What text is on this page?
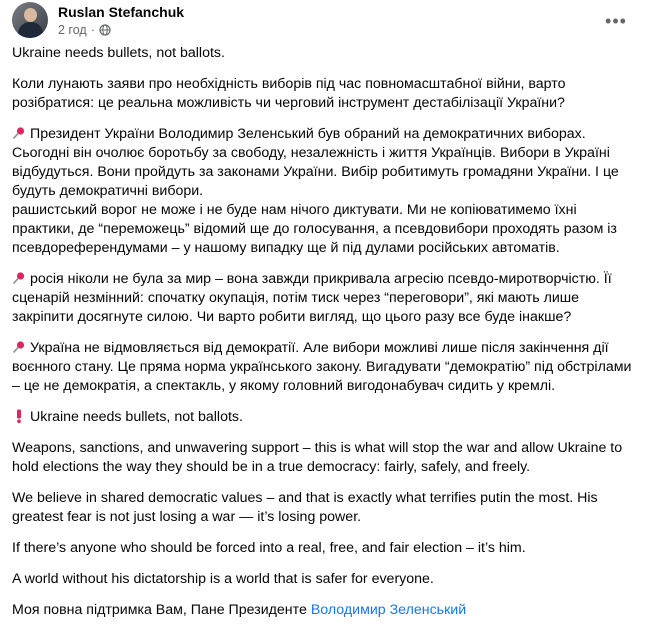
Ruslan Stefanchuk
2 год ·	•••

Ukraine needs bullets, not ballots.

Коли лунають заяви про необхідність виборів під час повномасштабної війни, варто розібратися: це реальна можливість чи черговий інструмент дестабілізації України?

Президент України Володимир Зеленський був обраний на демократичних виборах. Сьогодні він очолює боротьбу за свободу, незалежність і життя Українців. Вибори в Україні відбудуться. Вони пройдуть за законами України. Вибір робитимуть громадяни України. І це будуть демократичні вибори.
рашистський ворог не може і не буде нам нічого диктувати. Ми не копіюватимемо їхні практики, де “переможець” відомий ще до голосування, а псевдовибори проходять разом із псевдореферендумами – у нашому випадку ще й під дулами російських автоматів.

росія ніколи не була за мир – вона завжди прикривала агресію псевдо-миротворчістю. Її сценарій незмінний: спочатку окупація, потім тиск через “переговори”, які мають лише закріпити досягнуте силою. Чи варто робити вигляд, що цього разу все буде інакше?

Україна не відмовляється від демократії. Але вибори можливі лише після закінчення дії воєнного стану. Це пряма норма українського закону. Вигадувати “демократію” під обстрілами – це не демократія, а спектакль, у якому головний вигодонабувач сидить у кремлі.

Ukraine needs bullets, not ballots.

Weapons, sanctions, and unwavering support – this is what will stop the war and allow Ukraine to hold elections the way they should be in a true democracy: fairly, safely, and freely.

We believe in shared democratic values – and that is exactly what terrifies putin the most. His greatest fear is not just losing a war — it’s losing power.

If there’s anyone who should be forced into a real, free, and fair election – it’s him.

A world without his dictatorship is a world that is safer for everyone.

Моя повна підтримка Вам, Пане Президенте Володимир Зеленський
